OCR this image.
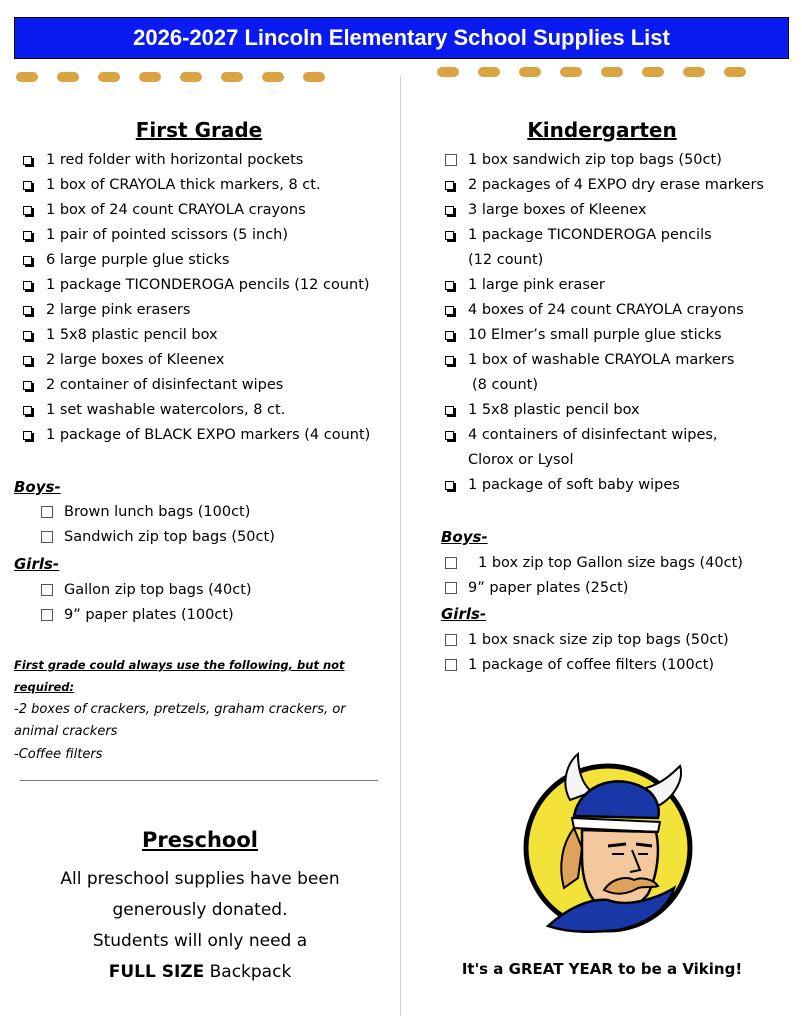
2026-2027 Lincoln Elementary School Supplies List
First Grade
1 red folder with horizontal pockets
1 box of CRAYOLA thick markers, 8 ct.
1 box of 24 count CRAYOLA crayons
1 pair of pointed scissors (5 inch)
6 large purple glue sticks
1 package TICONDEROGA pencils (12 count)
2 large pink erasers
1 5x8 plastic pencil box
2 large boxes of Kleenex
2 container of disinfectant wipes
1 set washable watercolors, 8 ct.
1 package of BLACK EXPO markers (4 count)
Boys-
Brown lunch bags (100ct)
Sandwich zip top bags (50ct)
Girls-
Gallon zip top bags (40ct)
9” paper plates (100ct)
First grade could always use the following, but not
required:
-2 boxes of crackers, pretzels, graham crackers, or
animal crackers
-Coffee filters
Preschool
All preschool supplies have been
generously donated.
Students will only need a
FULL SIZE Backpack
Kindergarten
1 box sandwich zip top bags (50ct)
2 packages of 4 EXPO dry erase markers
3 large boxes of Kleenex
1 package TICONDEROGA pencils
(12 count)
1 large pink eraser
4 boxes of 24 count CRAYOLA crayons
10 Elmer’s small purple glue sticks
1 box of washable CRAYOLA markers
(8 count)
1 5x8 plastic pencil box
4 containers of disinfectant wipes,
Clorox or Lysol
1 package of soft baby wipes
Boys-
1 box zip top Gallon size bags (40ct)
9” paper plates (25ct)
Girls-
1 box snack size zip top bags (50ct)
1 package of coffee filters (100ct)
It's a GREAT YEAR to be a Viking!
